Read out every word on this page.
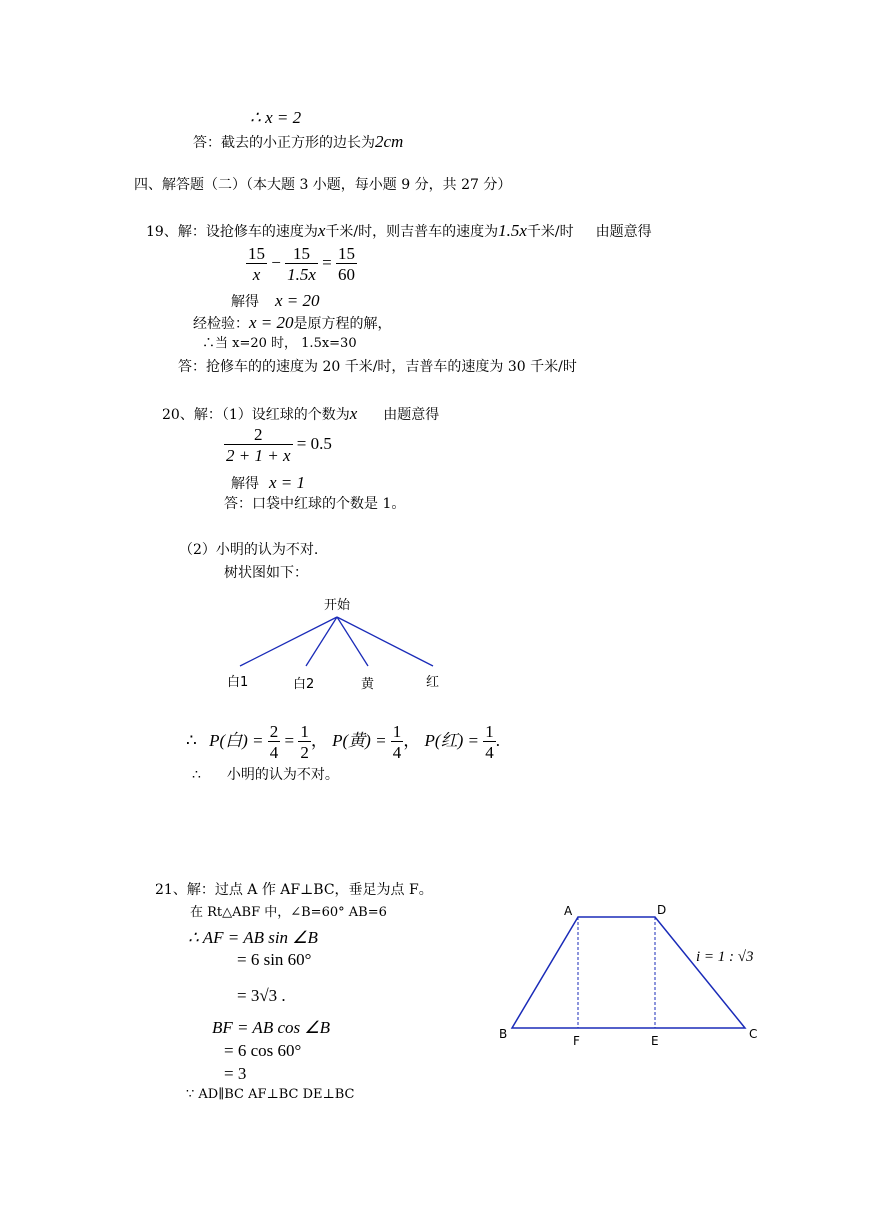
∴ x = 2
答：截去的小正方形的边长为2cm
四、解答题（二）（本大题 3 小题，每小题 9 分，共 27 分）
19、解：设抢修车的速度为x千米/时，则吉普车的速度为1.5x千米/时 由题意得
$\frac{15}{x} - \frac{15}{1.5x} = \frac{15}{60}$
解得 x = 20
经检验：x = 20是原方程的解，
∴当 x=20 时， 1.5x=30
答：抢修车的的速度为 20 千米/时，吉普车的速度为 30 千米/时
20、解：（1）设红球的个数为x 由题意得
$\frac{2}{2 + 1 + x} = 0.5$
解得 x = 1
答：口袋中红球的个数是 1。
（2）小明的认为不对.
树状图如下：
开始
白1	白2	黄	红
∴ P(白) = $\frac{2}{4} = \frac{1}{2}$ ， P(黄) = $\frac{1}{4}$ ， P(红) = $\frac{1}{4}$ .
∴ 小明的认为不对。
21、解：过点 A 作 AF⊥BC，垂足为点 F。
在 Rt△ABF 中，∠B=60° AB=6
∴ AF = AB sin ∠B
= 6 sin 60°
= 3√3 .
BF = AB cos ∠B
= 6 cos 60°
= 3
∵ AD∥BC AF⊥BC DE⊥BC
A	D
B	F	E	C
i = 1 : √3
